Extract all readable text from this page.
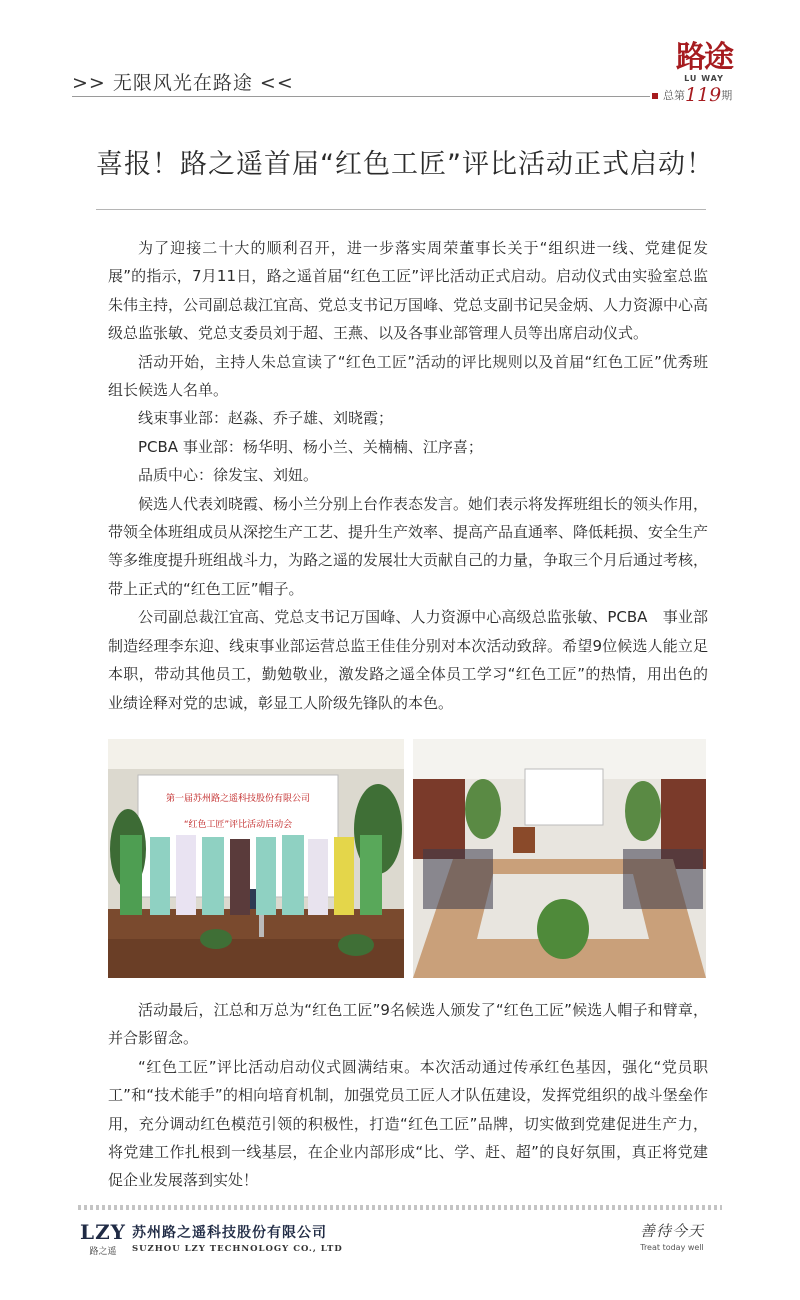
>> 无限风光在路途 <<
路途
LU WAY
总第119期
喜报！路之遥首届“红色工匠”评比活动正式启动！

为了迎接二十大的顺利召开，进一步落实周荣董事长关于“组织进一线、党建促发展”的指示，7月11日，路之遥首届“红色工匠”评比活动正式启动。启动仪式由实验室总监朱伟主持，公司副总裁江宜高、党总支书记万国峰、党总支副书记吴金炳、人力资源中心高级总监张敏、党总支委员刘于超、王燕、以及各事业部管理人员等出席启动仪式。

活动开始，主持人朱总宣读了“红色工匠”活动的评比规则以及首届“红色工匠”优秀班组长候选人名单。

线束事业部：赵淼、乔子雄、刘晓霞；

PCBA 事业部：杨华明、杨小兰、关楠楠、江序喜；

品质中心：徐发宝、刘妞。

候选人代表刘晓霞、杨小兰分别上台作表态发言。她们表示将发挥班组长的领头作用，带领全体班组成员从深挖生产工艺、提升生产效率、提高产品直通率、降低耗损、安全生产等多维度提升班组战斗力，为路之遥的发展壮大贡献自己的力量，争取三个月后通过考核，带上正式的“红色工匠”帽子。

公司副总裁江宜高、党总支书记万国峰、人力资源中心高级总监张敏、PCBA　事业部制造经理李东迎、线束事业部运营总监王佳佳分别对本次活动致辞。希望9位候选人能立足本职，带动其他员工，勤勉敬业，激发路之遥全体员工学习“红色工匠”的热情，用出色的业绩诠释对党的忠诚，彰显工人阶级先锋队的本色。

第一届苏州路之遥科技股份有限公司
“红色工匠”评比活动启动会

活动最后，江总和万总为“红色工匠”9名候选人颁发了“红色工匠”候选人帽子和臂章，并合影留念。

“红色工匠”评比活动启动仪式圆满结束。本次活动通过传承红色基因，强化“党员职工”和“技术能手”的相向培育机制，加强党员工匠人才队伍建设，发挥党组织的战斗堡垒作用，充分调动红色模范引领的积极性，打造“红色工匠”品牌，切实做到党建促进生产力，将党建工作扎根到一线基层，在企业内部形成“比、学、赶、超”的良好氛围，真正将党建促企业发展落到实处！

LZY
路之遥
苏州路之遥科技股份有限公司
SUZHOU LZY TECHNOLOGY CO., LTD
善待今天
Treat today well
